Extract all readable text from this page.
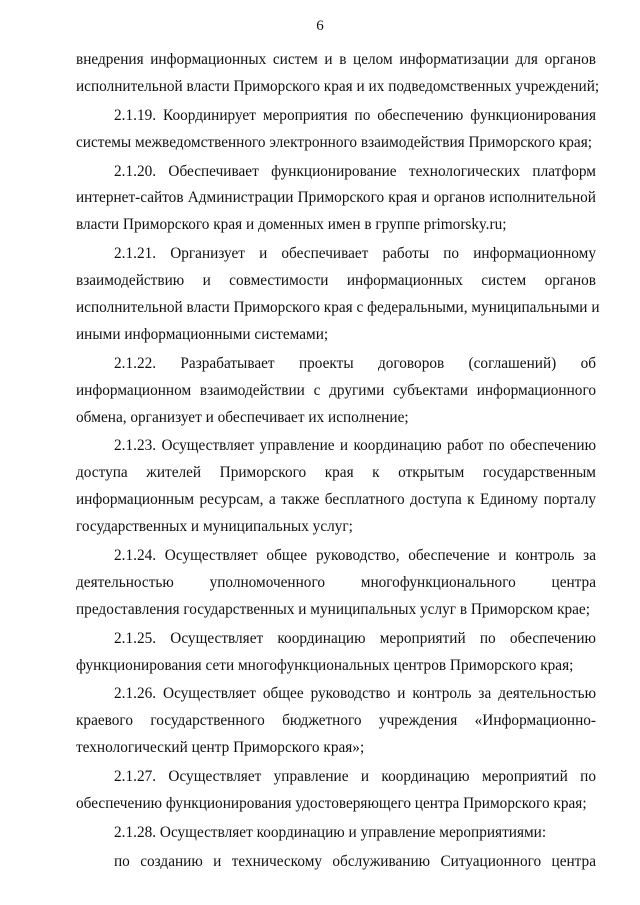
6
внедрения информационных систем и в целом информатизации для органов
исполнительной власти Приморского края и их подведомственных учреждений;
2.1.19. Координирует мероприятия по обеспечению функционирования
системы межведомственного электронного взаимодействия Приморского края;
2.1.20. Обеспечивает функционирование технологических платформ
интернет-сайтов Администрации Приморского края и органов исполнительной
власти Приморского края и доменных имен в группе primorsky.ru;
2.1.21. Организует и обеспечивает работы по информационному
взаимодействию и совместимости информационных систем органов
исполнительной власти Приморского края с федеральными, муниципальными и
иными информационными системами;
2.1.22. Разрабатывает проекты договоров (соглашений) об
информационном взаимодействии с другими субъектами информационного
обмена, организует и обеспечивает их исполнение;
2.1.23. Осуществляет управление и координацию работ по обеспечению
доступа жителей Приморского края к открытым государственным
информационным ресурсам, а также бесплатного доступа к Единому порталу
государственных и муниципальных услуг;
2.1.24. Осуществляет общее руководство, обеспечение и контроль за
деятельностью уполномоченного многофункционального центра
предоставления государственных и муниципальных услуг в Приморском крае;
2.1.25. Осуществляет координацию мероприятий по обеспечению
функционирования сети многофункциональных центров Приморского края;
2.1.26. Осуществляет общее руководство и контроль за деятельностью
краевого государственного бюджетного учреждения «Информационно-
технологический центр Приморского края»;
2.1.27. Осуществляет управление и координацию мероприятий по
обеспечению функционирования удостоверяющего центра Приморского края;
2.1.28. Осуществляет координацию и управление мероприятиями:
по созданию и техническому обслуживанию Ситуационного центра
